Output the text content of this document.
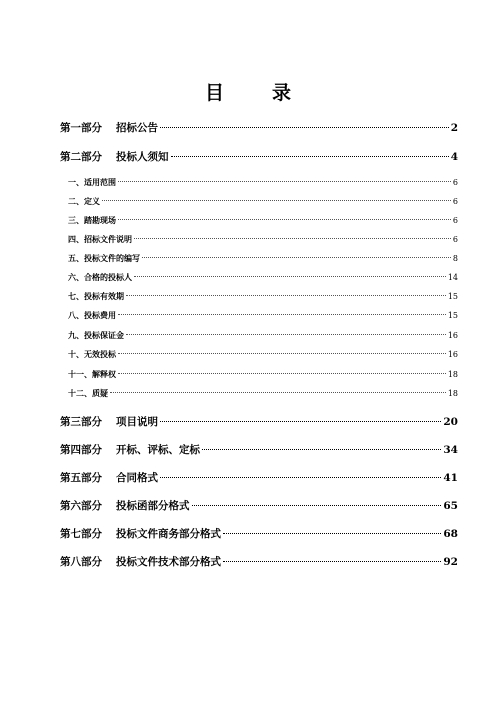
目	录
第一部分 招标公告	2
第二部分 投标人须知	4
一、适用范围	6
二、定义	6
三、踏勘现场	6
四、招标文件说明	6
五、投标文件的编写	8
六、合格的投标人	14
七、投标有效期	15
八、投标费用	15
九、投标保证金	16
十、无效投标	16
十一、解释权	18
十二、质疑	18
第三部分 项目说明	20
第四部分 开标、评标、定标	34
第五部分 合同格式	41
第六部分 投标函部分格式	65
第七部分 投标文件商务部分格式	68
第八部分 投标文件技术部分格式	92
